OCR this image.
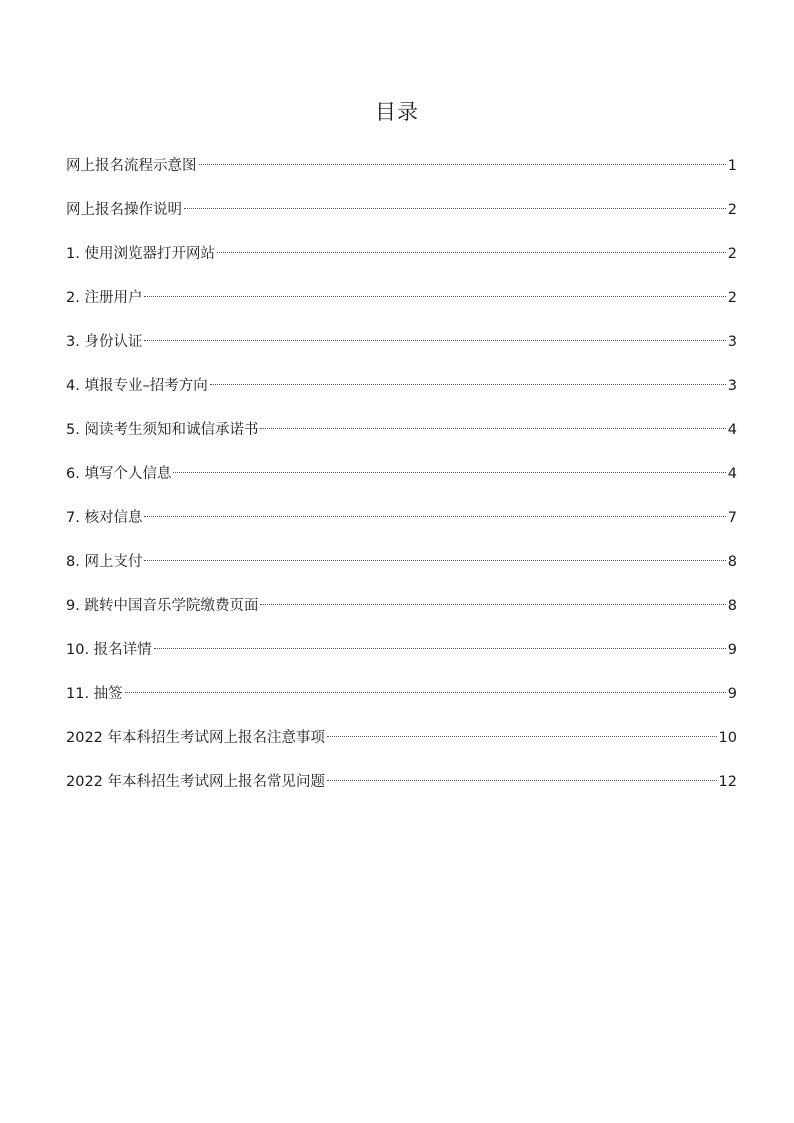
目录
网上报名流程示意图	1
网上报名操作说明	2
1. 使用浏览器打开网站	2
2. 注册用户	2
3. 身份认证	3
4. 填报专业–招考方向	3
5. 阅读考生须知和诚信承诺书	4
6. 填写个人信息	4
7. 核对信息	7
8. 网上支付	8
9. 跳转中国音乐学院缴费页面	8
10. 报名详情	9
11. 抽签	9
2022 年本科招生考试网上报名注意事项	10
2022 年本科招生考试网上报名常见问题	12
